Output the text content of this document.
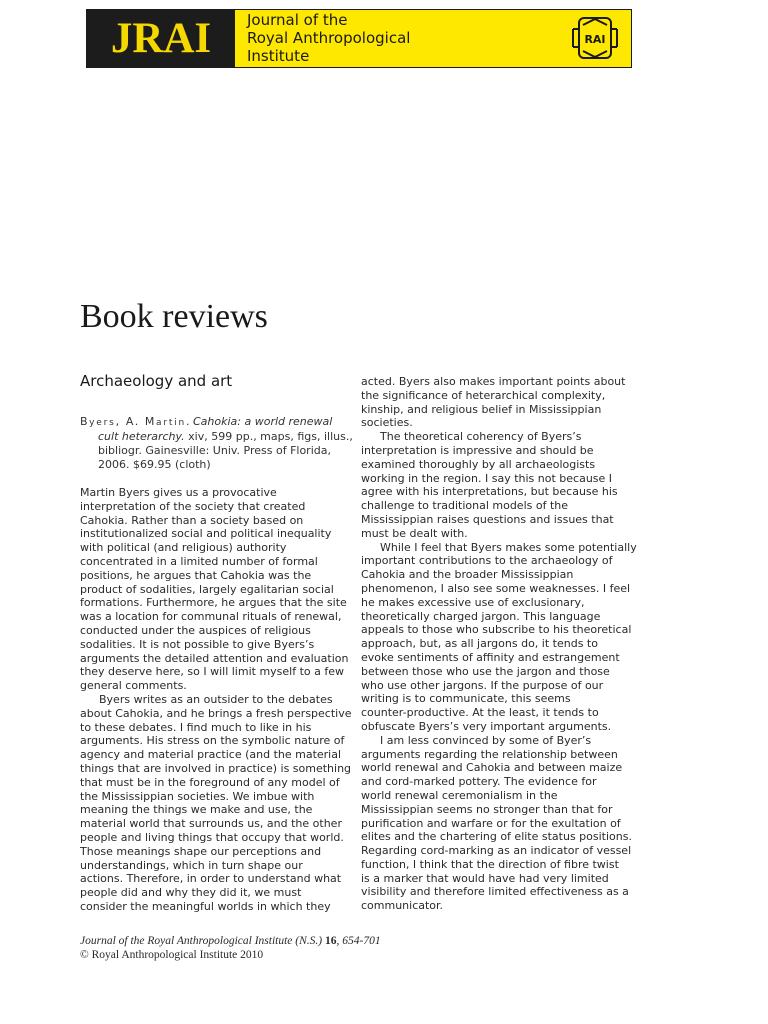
JRAI Journal of the
Royal Anthropological
Institute
RAI
Book reviews
Archaeology and art
Byers, A. Martin. Cahokia: a world renewal
cult heterarchy. xiv, 599 pp., maps, figs, illus.,
bibliogr. Gainesville: Univ. Press of Florida,
2006. $69.95 (cloth)
Martin Byers gives us a provocative
interpretation of the society that created
Cahokia. Rather than a society based on
institutionalized social and political inequality
with political (and religious) authority
concentrated in a limited number of formal
positions, he argues that Cahokia was the
product of sodalities, largely egalitarian social
formations. Furthermore, he argues that the site
was a location for communal rituals of renewal,
conducted under the auspices of religious
sodalities. It is not possible to give Byers’s
arguments the detailed attention and evaluation
they deserve here, so I will limit myself to a few
general comments.
Byers writes as an outsider to the debates
about Cahokia, and he brings a fresh perspective
to these debates. I find much to like in his
arguments. His stress on the symbolic nature of
agency and material practice (and the material
things that are involved in practice) is something
that must be in the foreground of any model of
the Mississippian societies. We imbue with
meaning the things we make and use, the
material world that surrounds us, and the other
people and living things that occupy that world.
Those meanings shape our perceptions and
understandings, which in turn shape our
actions. Therefore, in order to understand what
people did and why they did it, we must
consider the meaningful worlds in which they
acted. Byers also makes important points about
the significance of heterarchical complexity,
kinship, and religious belief in Mississippian
societies.
The theoretical coherency of Byers’s
interpretation is impressive and should be
examined thoroughly by all archaeologists
working in the region. I say this not because I
agree with his interpretations, but because his
challenge to traditional models of the
Mississippian raises questions and issues that
must be dealt with.
While I feel that Byers makes some potentially
important contributions to the archaeology of
Cahokia and the broader Mississippian
phenomenon, I also see some weaknesses. I feel
he makes excessive use of exclusionary,
theoretically charged jargon. This language
appeals to those who subscribe to his theoretical
approach, but, as all jargons do, it tends to
evoke sentiments of affinity and estrangement
between those who use the jargon and those
who use other jargons. If the purpose of our
writing is to communicate, this seems
counter-productive. At the least, it tends to
obfuscate Byers’s very important arguments.
I am less convinced by some of Byer’s
arguments regarding the relationship between
world renewal and Cahokia and between maize
and cord-marked pottery. The evidence for
world renewal ceremonialism in the
Mississippian seems no stronger than that for
purification and warfare or for the exultation of
elites and the chartering of elite status positions.
Regarding cord-marking as an indicator of vessel
function, I think that the direction of fibre twist
is a marker that would have had very limited
visibility and therefore limited effectiveness as a
communicator.
Journal of the Royal Anthropological Institute (N.S.) 16, 654-701
© Royal Anthropological Institute 2010
